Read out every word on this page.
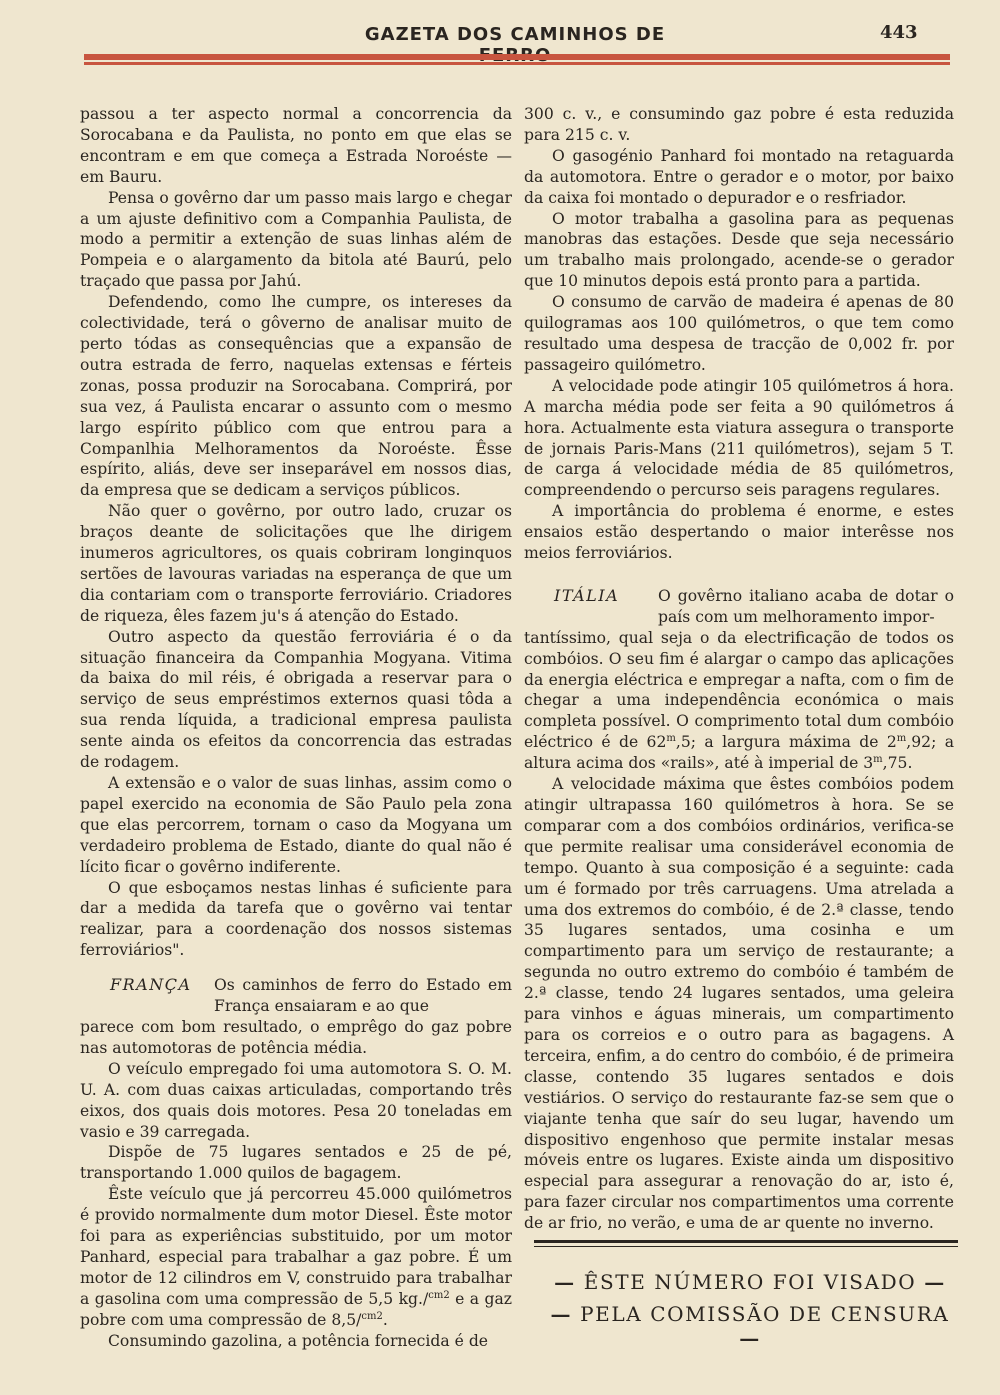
GAZETA DOS CAMINHOS DE	443

passou a ter aspecto normal a concorrencia da Sorocabana e da Paulista, no ponto em que elas se encontram e em que começa a Estrada Noroéste — em Bauru.

Pensa o govêrno dar um passo mais largo e chegar a um ajuste definitivo com a Companhia Paulista, de modo a permitir a extenção de suas linhas além de Pompeia e o alargamento da bitola até Baurú, pelo traçado que passa por Jahú.

Defendendo, como lhe cumpre, os intereses da colectividade, terá o gôverno de analisar muito de perto tódas as consequências que a expansão de outra estrada de ferro, naquelas extensas e férteis zonas, possa produzir na Sorocabana. Comprirá, por sua vez, á Paulista encarar o assunto com o mesmo largo espírito público com que entrou para a Companlhia Melhoramentos da Noroéste. Êsse espírito, aliás, deve ser inseparável em nossos dias, da empresa que se dedicam a serviços públicos.

Não quer o govêrno, por outro lado, cruzar os braços deante de solicitações que lhe dirigem inumeros agricultores, os quais cobriram longinquos sertões de lavouras variadas na esperança de que um dia contariam com o transporte ferroviário. Criadores de riqueza, êles fazem ju's á atenção do Estado.

Outro aspecto da questão ferroviária é o da situação financeira da Companhia Mogyana. Vitima da baixa do mil réis, é obrigada a reservar para o serviço de seus empréstimos externos quasi tôda a sua renda líquida, a tradicional empresa paulista sente ainda os efeitos da concorrencia das estradas de rodagem.

A extensão e o valor de suas linhas, assim como o papel exercido na economia de São Paulo pela zona que elas percorrem, tornam o caso da Mogyana um verdadeiro problema de Estado, diante do qual não é lícito ficar o govêrno indiferente.

O que esboçamos nestas linhas é suficiente para dar a medida da tarefa que o govêrno vai tentar realizar, para a coordenação dos nossos sistemas ferroviários".

FRANÇA	Os caminhos de ferro do Estado em França ensaiaram e ao que

parece com bom resultado, o emprêgo do gaz pobre nas automotoras de potência média.

O veículo empregado foi uma automotora S. O. M. U. A. com duas caixas articuladas, comportando três eixos, dos quais dois motores. Pesa 20 toneladas em vasio e 39 carregada.

Dispõe de 75 lugares sentados e 25 de pé, transportando 1.000 quilos de bagagem.

Êste veículo que já percorreu 45.000 quilómetros é provido normalmente dum motor Diesel. Êste motor foi para as experiências substituido, por um motor Panhard, especial para trabalhar a gaz pobre. É um motor de 12 cilindros em V, construido para trabalhar a gasolina com uma compressão de 5,5 kg./$^{cm2}$ e a gaz pobre com uma compressão de 8,5/$^{cm2}$.

Consumindo gazolina, a potência fornecida é de

300 c. v., e consumindo gaz pobre é esta reduzida para 215 c. v.

O gasogénio Panhard foi montado na retaguarda da automotora. Entre o gerador e o motor, por baixo da caixa foi montado o depurador e o resfriador.

O motor trabalha a gasolina para as pequenas manobras das estações. Desde que seja necessário um trabalho mais prolongado, acende-se o gerador que 10 minutos depois está pronto para a partida.

O consumo de carvão de madeira é apenas de 80 quilogramas aos 100 quilómetros, o que tem como resultado uma despesa de tracção de 0,002 fr. por passageiro quilómetro.

A velocidade pode atingir 105 quilómetros á hora. A marcha média pode ser feita a 90 quilómetros á hora. Actualmente esta viatura assegura o transporte de jornais Paris-Mans (211 quilómetros), sejam 5 T. de carga á velocidade média de 85 quilómetros, compreendendo o percurso seis paragens regulares.

A importância do problema é enorme, e estes ensaios estão despertando o maior interêsse nos meios ferroviários.

ITÁLIA	O govêrno italiano acaba de dotar o país com um melhoramento impor-

tantíssimo, qual seja o da electrificação de todos os combóios. O seu fim é alargar o campo das aplicações da energia eléctrica e empregar a nafta, com o fim de chegar a uma independência económica o mais completa possível. O comprimento total dum combóio eléctrico é de 62$^m$,5; a largura máxima de 2$^m$,92; a altura acima dos «rails», até à imperial de 3$^m$,75.

A velocidade máxima que êstes combóios podem atingir ultrapassa 160 quilómetros à hora. Se se comparar com a dos combóios ordinários, verifica-se que permite realisar uma considerável economia de tempo. Quanto à sua composição é a seguinte: cada um é formado por três carruagens. Uma atrelada a uma dos extremos do combóio, é de 2.ª classe, tendo 35 lugares sentados, uma cosinha e um compartimento para um serviço de restaurante; a segunda no outro extremo do combóio é também de 2.ª classe, tendo 24 lugares sentados, uma geleira para vinhos e águas minerais, um compartimento para os correios e o outro para as bagagens. A terceira, enfim, a do centro do combóio, é de primeira classe, contendo 35 lugares sentados e dois vestiários. O serviço do restaurante faz-se sem que o viajante tenha que saír do seu lugar, havendo um dispositivo engenhoso que permite instalar mesas móveis entre os lugares. Existe ainda um dispositivo especial para assegurar a renovação do ar, isto é, para fazer circular nos compartimentos uma corrente de ar frio, no verão, e uma de ar quente no inverno.

— ÊSTE NÚMERO FOI VISADO —
— PELA COMISSÃO DE CENSURA —
